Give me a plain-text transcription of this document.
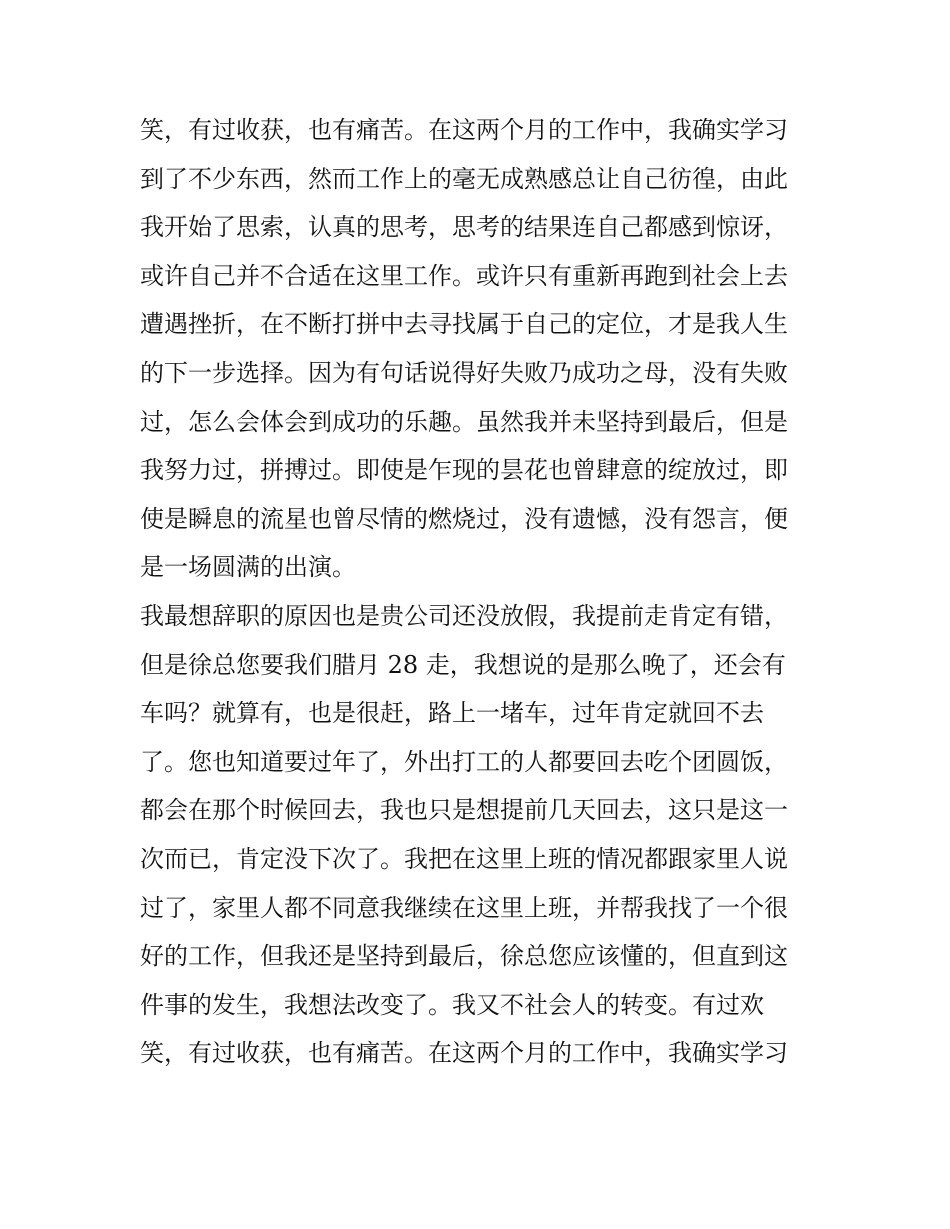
笑，有过收获，也有痛苦。在这两个月的工作中，我确实学习
到了不少东西，然而工作上的毫无成熟感总让自己彷徨，由此
我开始了思索，认真的思考，思考的结果连自己都感到惊讶，
或许自己并不合适在这里工作。或许只有重新再跑到社会上去
遭遇挫折，在不断打拼中去寻找属于自己的定位，才是我人生
的下一步选择。因为有句话说得好失败乃成功之母，没有失败
过，怎么会体会到成功的乐趣。虽然我并未坚持到最后，但是
我努力过，拼搏过。即使是乍现的昙花也曾肆意的绽放过，即
使是瞬息的流星也曾尽情的燃烧过，没有遗憾，没有怨言，便
是一场圆满的出演。
我最想辞职的原因也是贵公司还没放假，我提前走肯定有错，
但是徐总您要我们腊月 28 走，我想说的是那么晚了，还会有
车吗？就算有，也是很赶，路上一堵车，过年肯定就回不去
了。您也知道要过年了，外出打工的人都要回去吃个团圆饭，
都会在那个时候回去，我也只是想提前几天回去，这只是这一
次而已，肯定没下次了。我把在这里上班的情况都跟家里人说
过了，家里人都不同意我继续在这里上班，并帮我找了一个很
好的工作，但我还是坚持到最后，徐总您应该懂的，但直到这
件事的发生，我想法改变了。我又不社会人的转变。有过欢
笑，有过收获，也有痛苦。在这两个月的工作中，我确实学习
